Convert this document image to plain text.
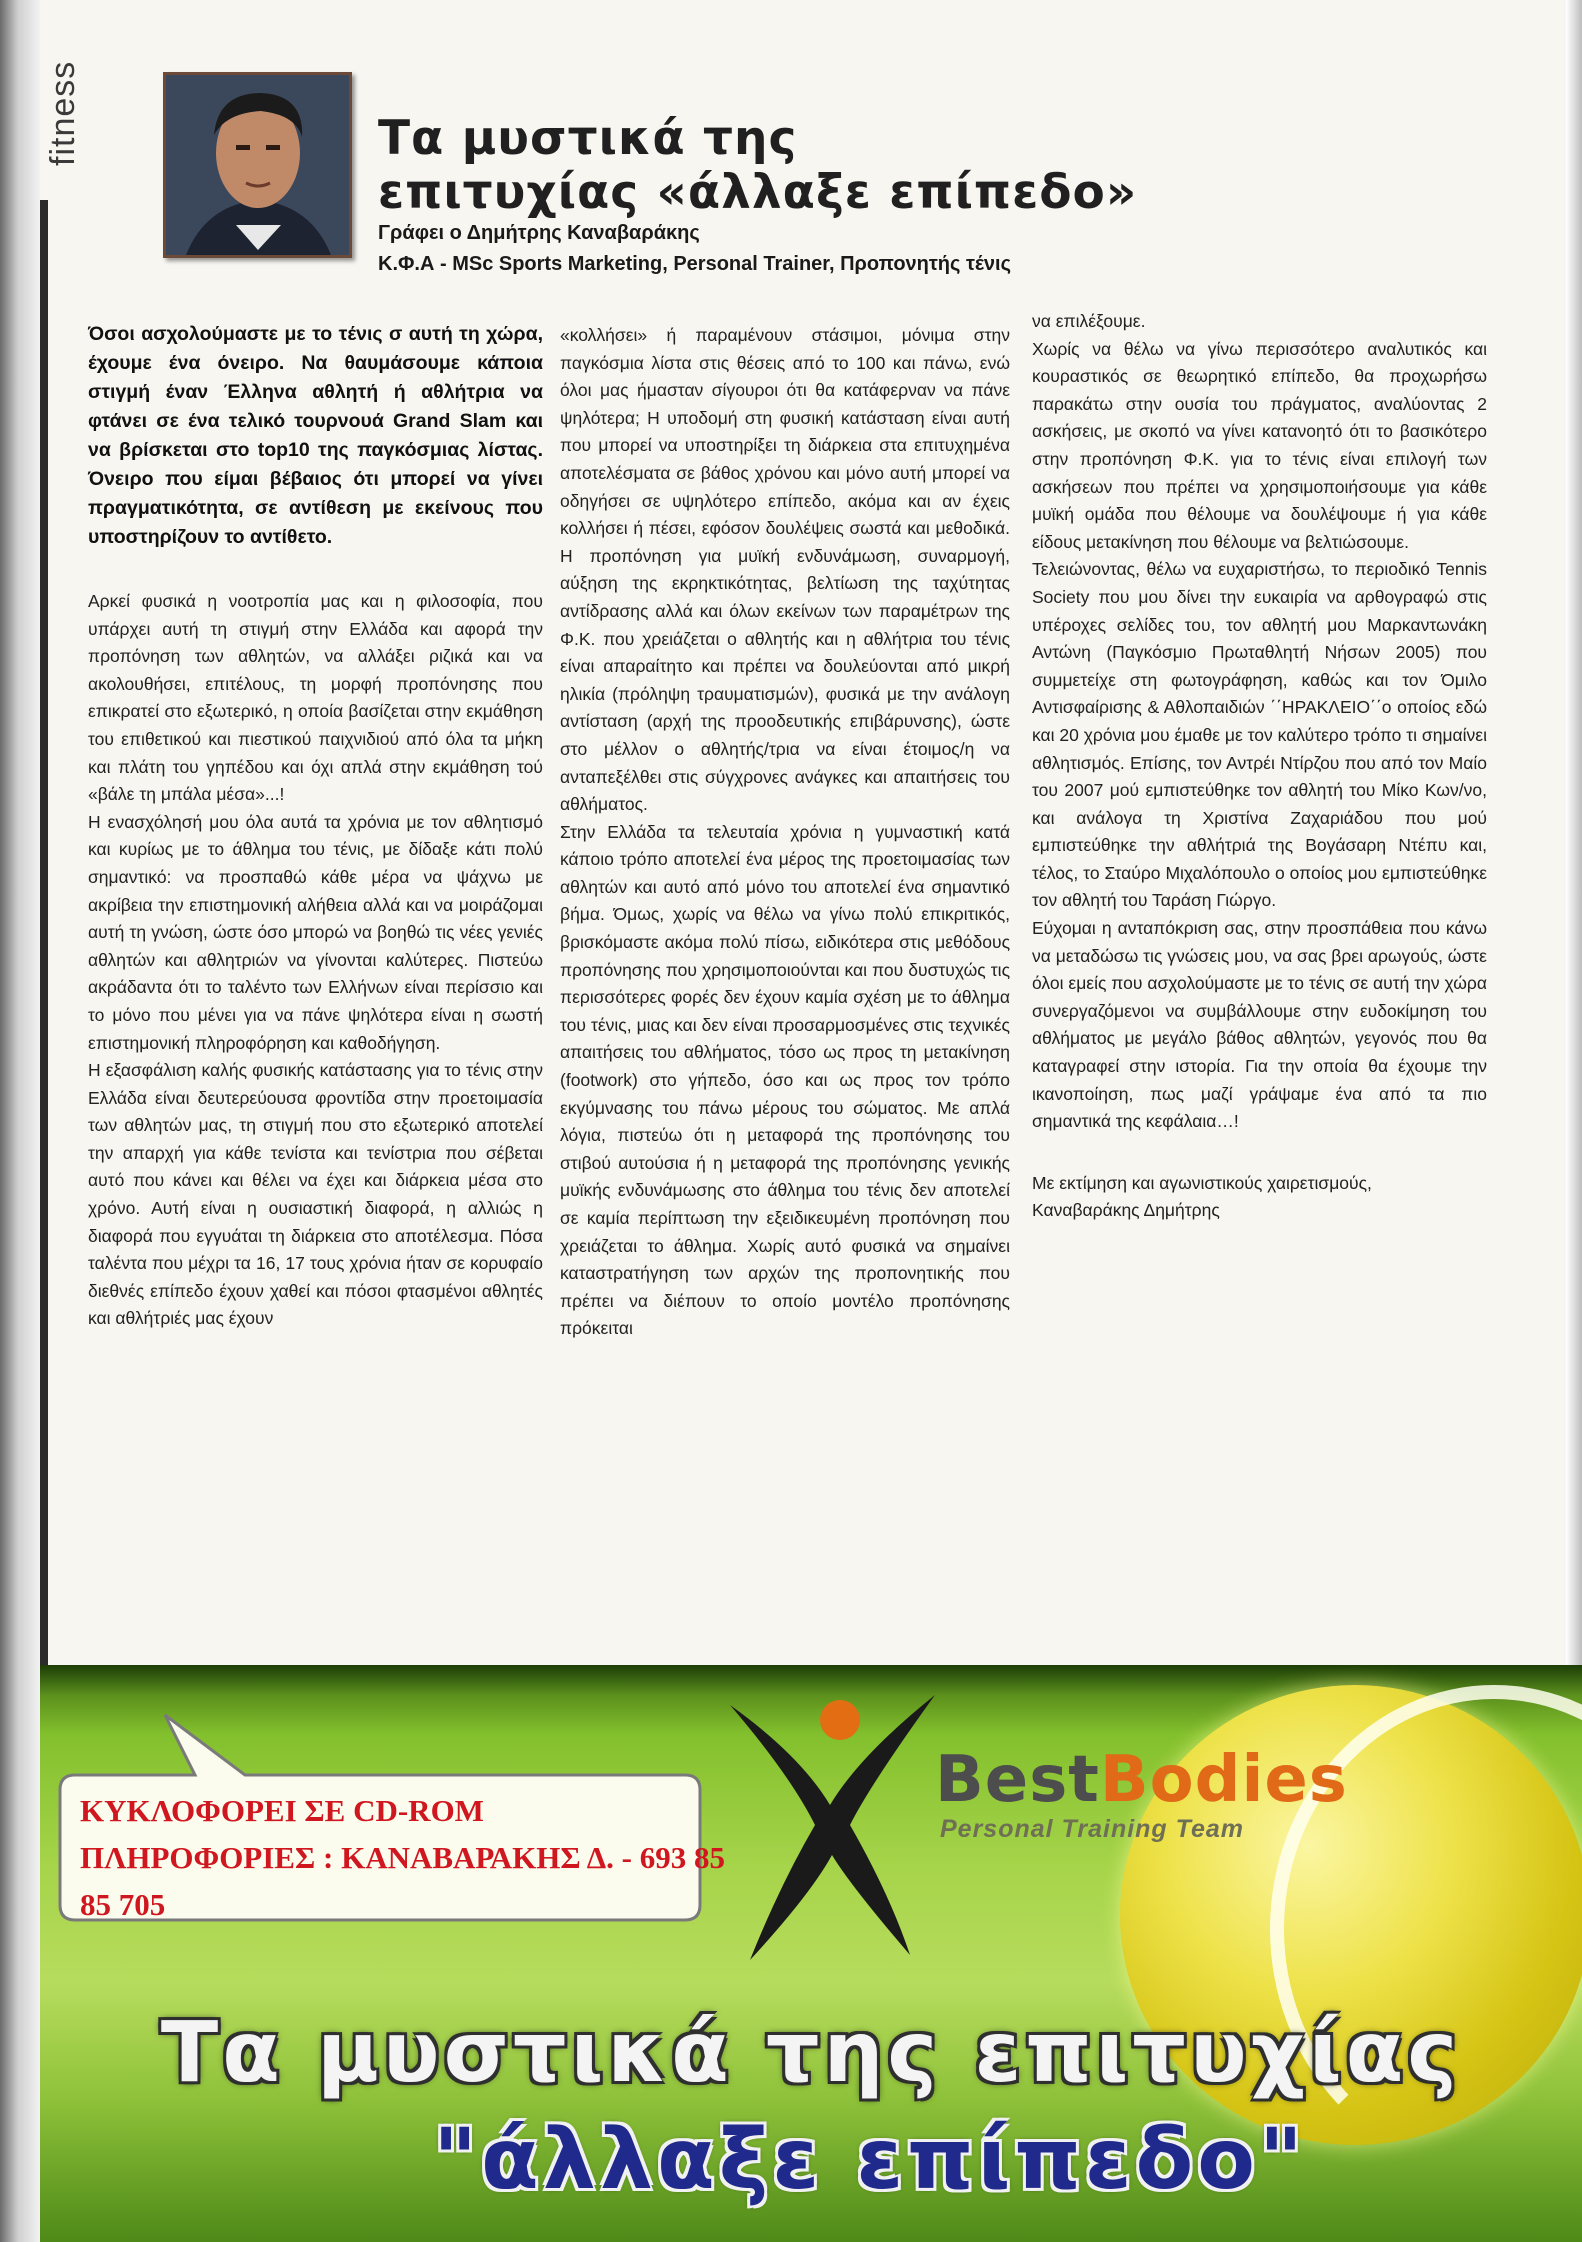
fitness	Τα μυστικά της
επιτυχίας «άλλαξε επίπεδο»
Γράφει ο Δημήτρης Καναβαράκης
Κ.Φ.Α - MSc Sports Marketing, Personal Trainer, Προπονητής τένις

Όσοι ασχολούμαστε με το τένις σ αυτή τη χώρα, έχουμε ένα όνειρο. Να θαυμάσουμε κάποια στιγμή έναν Έλληνα αθλητή ή αθλήτρια να φτάνει σε ένα τελικό τουρνουά Grand Slam και να βρίσκεται στο top10 της παγκόσμιας λίστας. Όνειρο που είμαι βέβαιος ότι μπορεί να γίνει πραγματικότητα, σε αντίθεση με εκείνους που υποστηρίζουν το αντίθετο.

Αρκεί φυσικά η νοοτροπία μας και η φιλοσοφία, που υπάρχει αυτή τη στιγμή στην Ελλάδα και αφορά την προπόνηση των αθλητών, να αλλάξει ριζικά και να ακολουθήσει, επιτέλους, τη μορφή προπόνησης που επικρατεί στο εξωτερικό, η οποία βασίζεται στην εκμάθηση του επιθετικού και πιεστικού παιχνιδιού από όλα τα μήκη και πλάτη του γηπέδου και όχι απλά στην εκμάθηση τού «βάλε τη μπάλα μέσα»...!

Η ενασχόλησή μου όλα αυτά τα χρόνια με τον αθλητισμό και κυρίως με το άθλημα του τένις, με δίδαξε κάτι πολύ σημαντικό: να προσπαθώ κάθε μέρα να ψάχνω με ακρίβεια την επιστημονική αλήθεια αλλά και να μοιράζομαι αυτή τη γνώση, ώστε όσο μπορώ να βοηθώ τις νέες γενιές αθλητών και αθλητριών να γίνονται καλύτερες. Πιστεύω ακράδαντα ότι το ταλέντο των Ελλήνων είναι περίσσιο και το μόνο που μένει για να πάνε ψηλότερα είναι η σωστή επιστημονική πληροφόρηση και καθοδήγηση.

Η εξασφάλιση καλής φυσικής κατάστασης για το τένις στην Ελλάδα είναι δευτερεύουσα φροντίδα στην προετοιμασία των αθλητών μας, τη στιγμή που στο εξωτερικό αποτελεί την απαρχή για κάθε τενίστα και τενίστρια που σέβεται αυτό που κάνει και θέλει να έχει και διάρκεια μέσα στο χρόνο. Αυτή είναι η ουσιαστική διαφορά, η αλλιώς η διαφορά που εγγυάται τη διάρκεια στο αποτέλεσμα. Πόσα ταλέντα που μέχρι τα 16, 17 τους χρόνια ήταν σε κορυφαίο διεθνές επίπεδο έχουν χαθεί και πόσοι φτασμένοι αθλητές και αθλήτριές μας έχουν

«κολλήσει» ή παραμένουν στάσιμοι, μόνιμα στην παγκόσμια λίστα στις θέσεις από το 100 και πάνω, ενώ όλοι μας ήμασταν σίγουροι ότι θα κατάφερναν να πάνε ψηλότερα; Η υποδομή στη φυσική κατάσταση είναι αυτή που μπορεί να υποστηρίξει τη διάρκεια στα επιτυχημένα αποτελέσματα σε βάθος χρόνου και μόνο αυτή μπορεί να οδηγήσει σε υψηλότερο επίπεδο, ακόμα και αν έχεις κολλήσει ή πέσει, εφόσον δουλέψεις σωστά και μεθοδικά. Η προπόνηση για μυϊκή ενδυνάμωση, συναρμογή, αύξηση της εκρηκτικότητας, βελτίωση της ταχύτητας αντίδρασης αλλά και όλων εκείνων των παραμέτρων της Φ.Κ. που χρειάζεται ο αθλητής και η αθλήτρια του τένις είναι απαραίτητο και πρέπει να δουλεύονται από μικρή ηλικία (πρόληψη τραυματισμών), φυσικά με την ανάλογη αντίσταση (αρχή της προοδευτικής επιβάρυνσης), ώστε στο μέλλον ο αθλητής/τρια να είναι έτοιμος/η να ανταπεξέλθει στις σύγχρονες ανάγκες και απαιτήσεις του αθλήματος.

Στην Ελλάδα τα τελευταία χρόνια η γυμναστική κατά κάποιο τρόπο αποτελεί ένα μέρος της προετοιμασίας των αθλητών και αυτό από μόνο του αποτελεί ένα σημαντικό βήμα. Όμως, χωρίς να θέλω να γίνω πολύ επικριτικός, βρισκόμαστε ακόμα πολύ πίσω, ειδικότερα στις μεθόδους προπόνησης που χρησιμοποιούνται και που δυστυχώς τις περισσότερες φορές δεν έχουν καμία σχέση με το άθλημα του τένις, μιας και δεν είναι προσαρμοσμένες στις τεχνικές απαιτήσεις του αθλήματος, τόσο ως προς τη μετακίνηση (footwork) στο γήπεδο, όσο και ως προς τον τρόπο εκγύμνασης του πάνω μέρους του σώματος. Με απλά λόγια, πιστεύω ότι η μεταφορά της προπόνησης του στιβού αυτούσια ή η μεταφορά της προπόνησης γενικής μυϊκής ενδυνάμωσης στο άθλημα του τένις δεν αποτελεί σε καμία περίπτωση την εξειδικευμένη προπόνηση που χρειάζεται το άθλημα. Χωρίς αυτό φυσικά να σημαίνει καταστρατήγηση των αρχών της προπονητικής που πρέπει να διέπουν το οποίο μοντέλο προπόνησης πρόκειται

να επιλέξουμε.

Χωρίς να θέλω να γίνω περισσότερο αναλυτικός και κουραστικός σε θεωρητικό επίπεδο, θα προχωρήσω παρακάτω στην ουσία του πράγματος, αναλύοντας 2 ασκήσεις, με σκοπό να γίνει κατανοητό ότι το βασικότερο στην προπόνηση Φ.Κ. για το τένις είναι επιλογή των ασκήσεων που πρέπει να χρησιμοποιήσουμε για κάθε μυϊκή ομάδα που θέλουμε να δουλέψουμε ή για κάθε είδους μετακίνηση που θέλουμε να βελτιώσουμε.

Τελειώνοντας, θέλω να ευχαριστήσω, το περιοδικό Tennis Society που μου δίνει την ευκαιρία να αρθογραφώ στις υπέροχες σελίδες του, τον αθλητή μου Μαρκαντωνάκη Αντώνη (Παγκόσμιο Πρωταθλητή Νήσων 2005) που συμμετείχε στη φωτογράφηση, καθώς και τον Όμιλο Αντισφαίρισης & Αθλοπαιδιών ΄΄ΗΡΑΚΛΕΙΟ΄΄ο οποίος εδώ και 20 χρόνια μου έμαθε με τον καλύτερο τρόπο τι σημαίνει αθλητισμός. Επίσης, τον Αντρέι Ντίρζου που από τον Μαίο του 2007 μού εμπιστεύθηκε τον αθλητή του Μίκο Κων/νο, και ανάλογα τη Χριστίνα Ζαχαριάδου που μού εμπιστεύθηκε την αθλήτριά της Βογάσαρη Ντέπυ και, τέλος, το Σταύρο Μιχαλόπουλο ο οποίος μου εμπιστεύθηκε τον αθλητή του Ταράση Γιώργο.

Εύχομαι η ανταπόκριση σας, στην προσπάθεια που κάνω να μεταδώσω τις γνώσεις μου, να σας βρει αρωγούς, ώστε όλοι εμείς που ασχολούμαστε με το τένις σε αυτή την χώρα συνεργαζόμενοι να συμβάλλουμε στην ευδοκίμηση του αθλήματος με μεγάλο βάθος αθλητών, γεγονός που θα καταγραφεί στην ιστορία. Για την οποία θα έχουμε την ικανοποίηση, πως μαζί γράψαμε ένα από τα πιο σημαντικά της κεφάλαια…!

Με εκτίμηση και αγωνιστικούς χαιρετισμούς,

Καναβαράκης Δημήτρης

ΚΥΚΛΟΦΟΡΕΙ ΣΕ CD-ROM
ΠΛΗΡΟΦΟΡΙΕΣ : ΚΑΝΑΒΑΡΑΚΗΣ Δ. - 693 85 85 705
BestBodies
Personal Training Team
Τα μυστικά της επιτυχίας
"άλλαξε επίπεδο"
